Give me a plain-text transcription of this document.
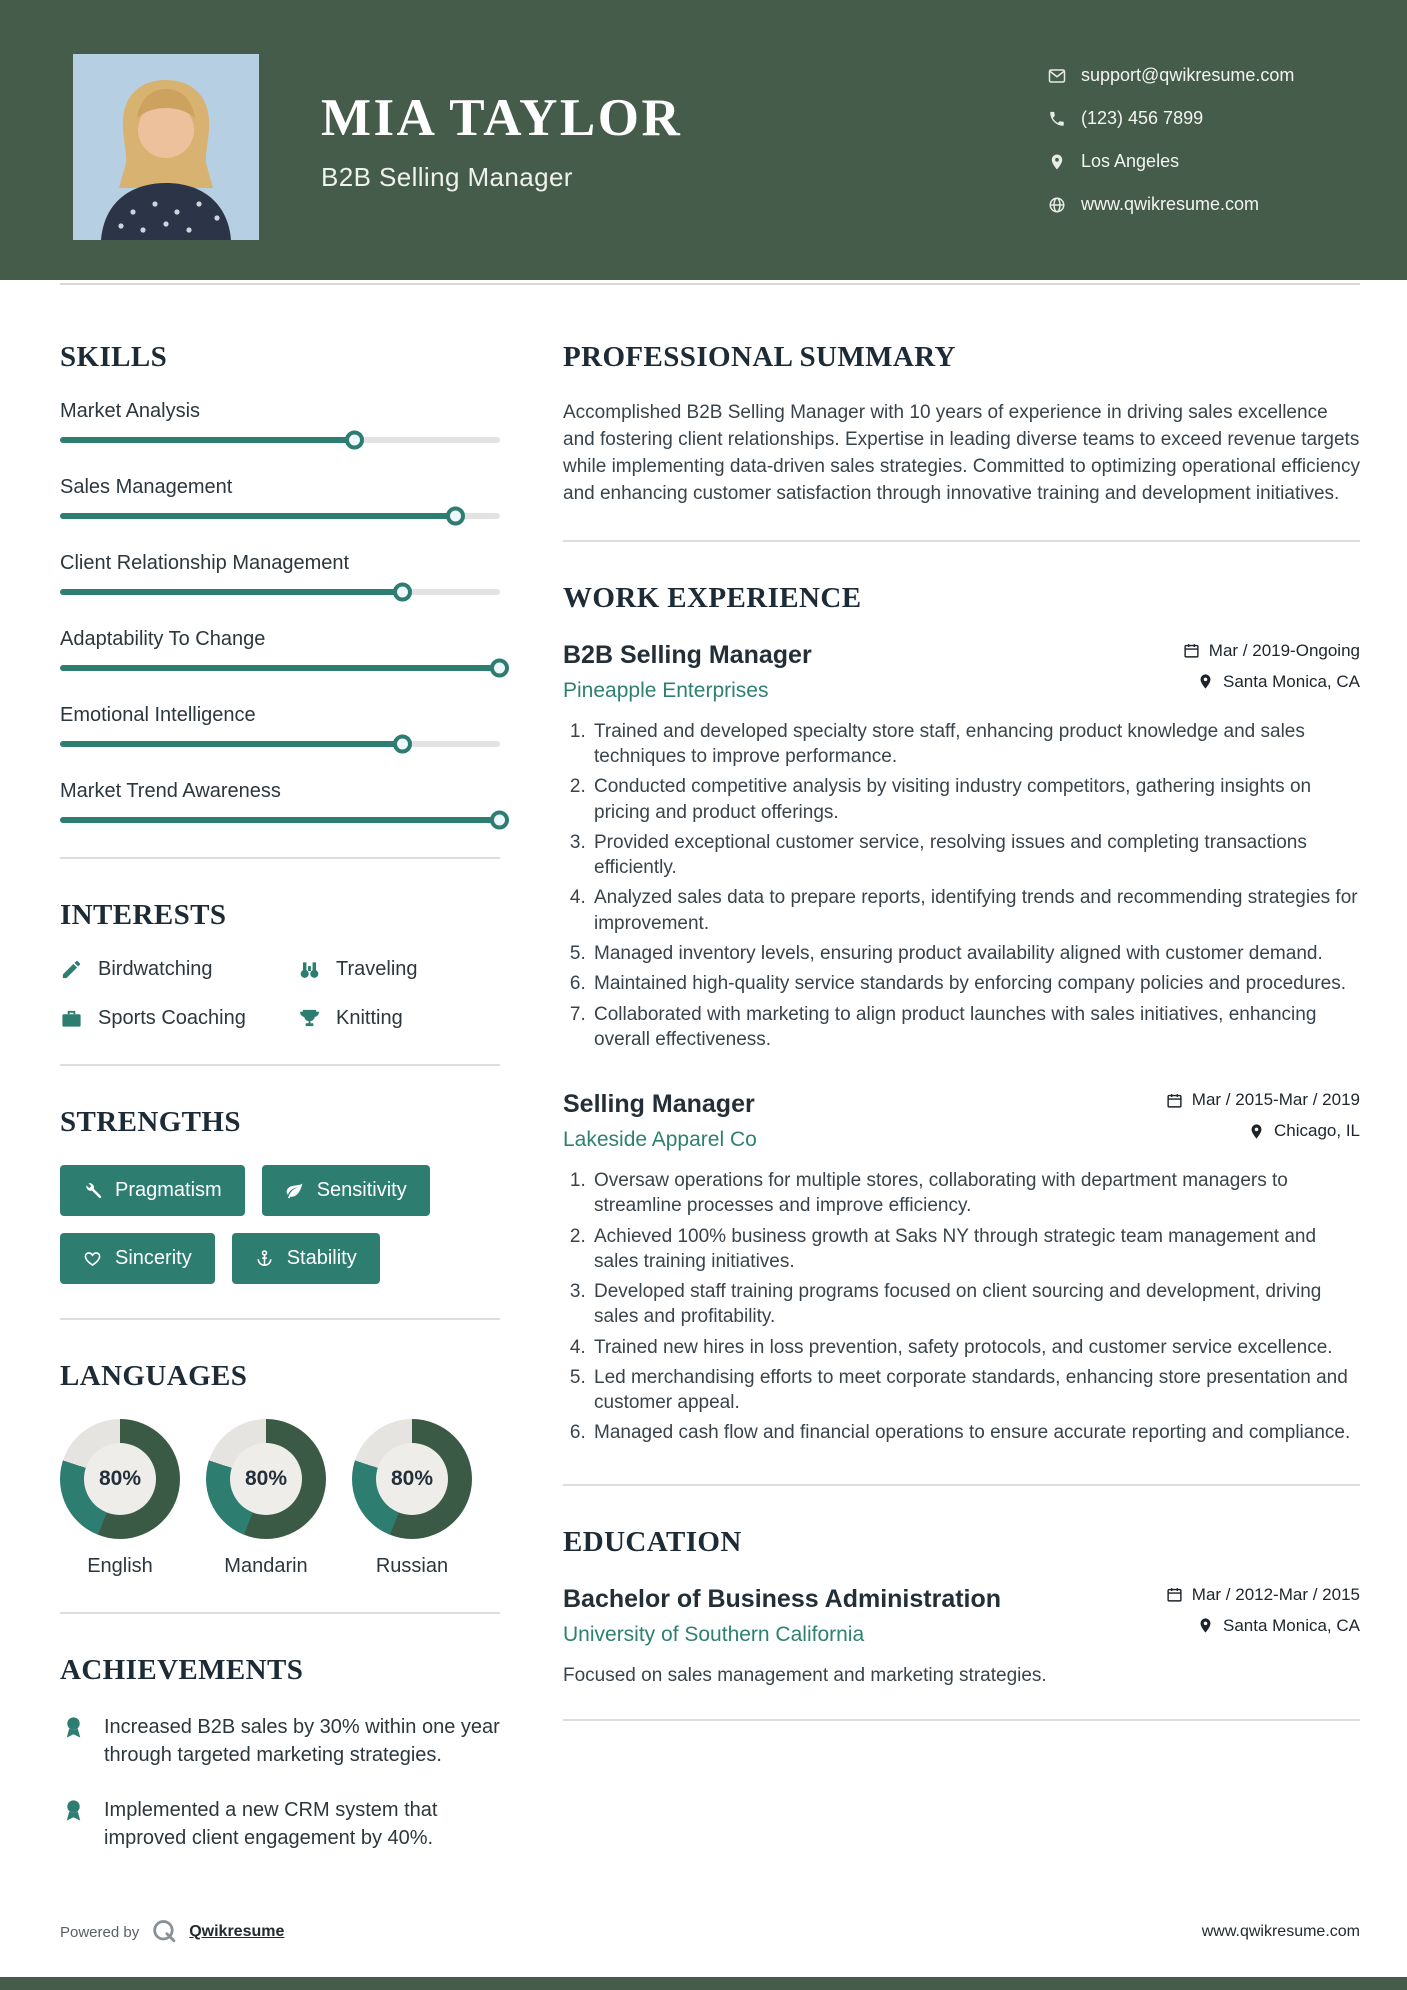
MIA TAYLOR
B2B Selling Manager
support@qwikresume.com
(123) 456 7899
Los Angeles
www.qwikresume.com
SKILLS
Market Analysis
Sales Management
Client Relationship Management
Adaptability To Change
Emotional Intelligence
Market Trend Awareness
INTERESTS
Birdwatching	Traveling
Sports Coaching	Knitting
STRENGTHS
Pragmatism	Sensitivity
Sincerity	Stability
LANGUAGES
80%
English
80%
Mandarin
80%
Russian
ACHIEVEMENTS
Increased B2B sales by 30% within one year through targeted marketing strategies.
Implemented a new CRM system that improved client engagement by 40%.
PROFESSIONAL SUMMARY

Accomplished B2B Selling Manager with 10 years of experience in driving sales excellence and fostering client relationships. Expertise in leading diverse teams to exceed revenue targets while implementing data-driven sales strategies. Committed to optimizing operational efficiency and enhancing customer satisfaction through innovative training and development initiatives.

WORK EXPERIENCE
B2B Selling Manager
Pineapple Enterprises
Mar / 2019-Ongoing
Santa Monica, CA
1. Trained and developed specialty store staff, enhancing product knowledge and sales techniques to improve performance.
2. Conducted competitive analysis by visiting industry competitors, gathering insights on pricing and product offerings.
3. Provided exceptional customer service, resolving issues and completing transactions efficiently.
4. Analyzed sales data to prepare reports, identifying trends and recommending strategies for improvement.
5. Managed inventory levels, ensuring product availability aligned with customer demand.
6. Maintained high-quality service standards by enforcing company policies and procedures.
7. Collaborated with marketing to align product launches with sales initiatives, enhancing overall effectiveness.
Selling Manager
Lakeside Apparel Co
Mar / 2015-Mar / 2019
Chicago, IL
1. Oversaw operations for multiple stores, collaborating with department managers to streamline processes and improve efficiency.
2. Achieved 100% business growth at Saks NY through strategic team management and sales training initiatives.
3. Developed staff training programs focused on client sourcing and development, driving sales and profitability.
4. Trained new hires in loss prevention, safety protocols, and customer service excellence.
5. Led merchandising efforts to meet corporate standards, enhancing store presentation and customer appeal.
6. Managed cash flow and financial operations to ensure accurate reporting and compliance.
EDUCATION
Bachelor of Business Administration
University of Southern California
Mar / 2012-Mar / 2015
Santa Monica, CA

Focused on sales management and marketing strategies.

Powered by	Qwikresume	www.qwikresume.com
